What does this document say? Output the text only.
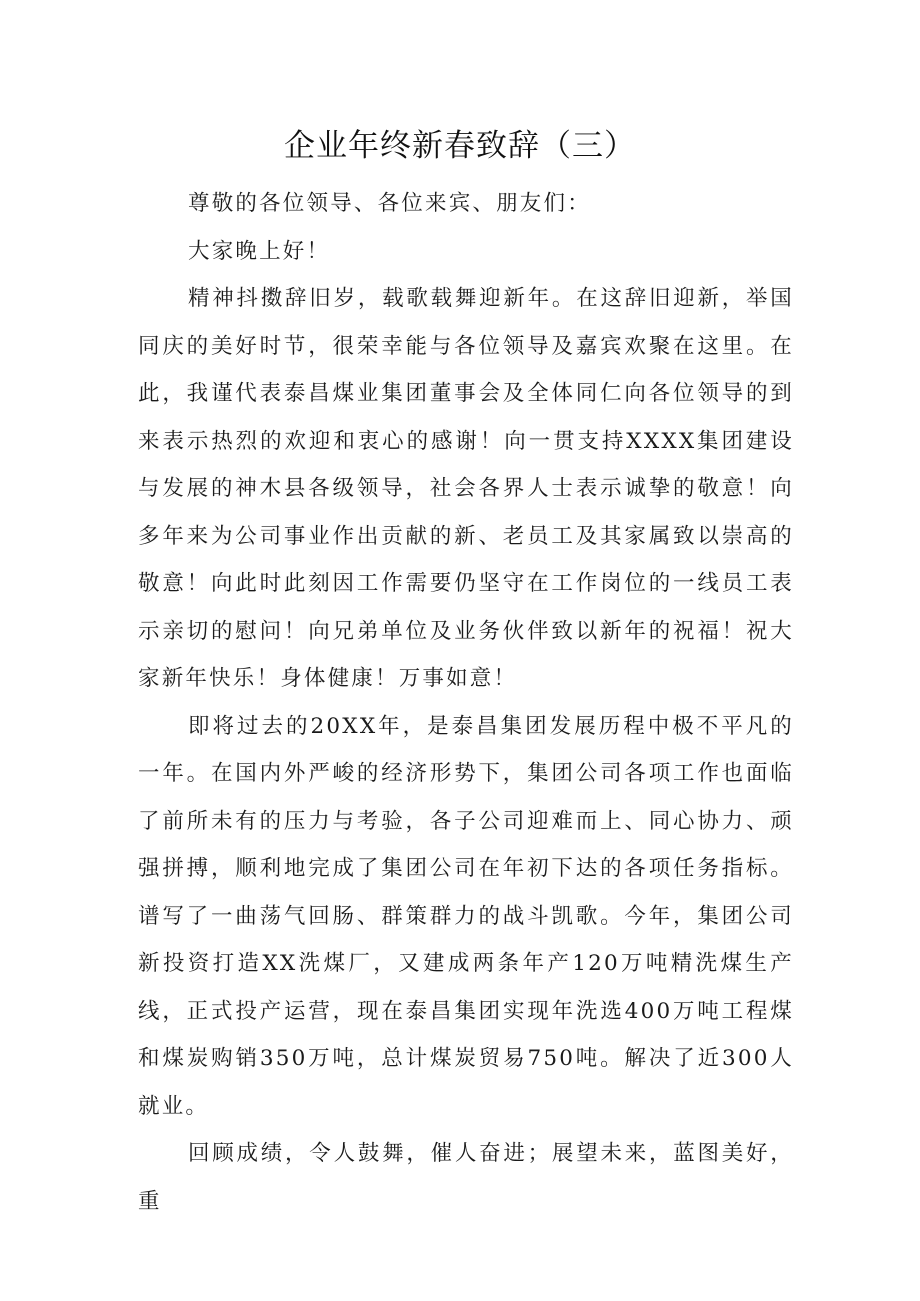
企业年终新春致辞（三）

尊敬的各位领导、各位来宾、朋友们：

大家晚上好！

精神抖擞辞旧岁，载歌载舞迎新年。在这辞旧迎新，举国同庆的美好时节，很荣幸能与各位领导及嘉宾欢聚在这里。在此，我谨代表泰昌煤业集团董事会及全体同仁向各位领导的到来表示热烈的欢迎和衷心的感谢！向一贯支持XXXX集团建设与发展的神木县各级领导，社会各界人士表示诚挚的敬意！向多年来为公司事业作出贡献的新、老员工及其家属致以崇高的敬意！向此时此刻因工作需要仍坚守在工作岗位的一线员工表示亲切的慰问！向兄弟单位及业务伙伴致以新年的祝福！祝大家新年快乐！身体健康！万事如意！

即将过去的20XX年，是泰昌集团发展历程中极不平凡的一年。在国内外严峻的经济形势下，集团公司各项工作也面临了前所未有的压力与考验，各子公司迎难而上、同心协力、顽强拼搏，顺利地完成了集团公司在年初下达的各项任务指标。谱写了一曲荡气回肠、群策群力的战斗凯歌。今年，集团公司新投资打造XX洗煤厂，又建成两条年产120万吨精洗煤生产线，正式投产运营，现在泰昌集团实现年洗选400万吨工程煤和煤炭购销350万吨，总计煤炭贸易750吨。解决了近300人就业。

回顾成绩，令人鼓舞，催人奋进；展望未来，蓝图美好，重
